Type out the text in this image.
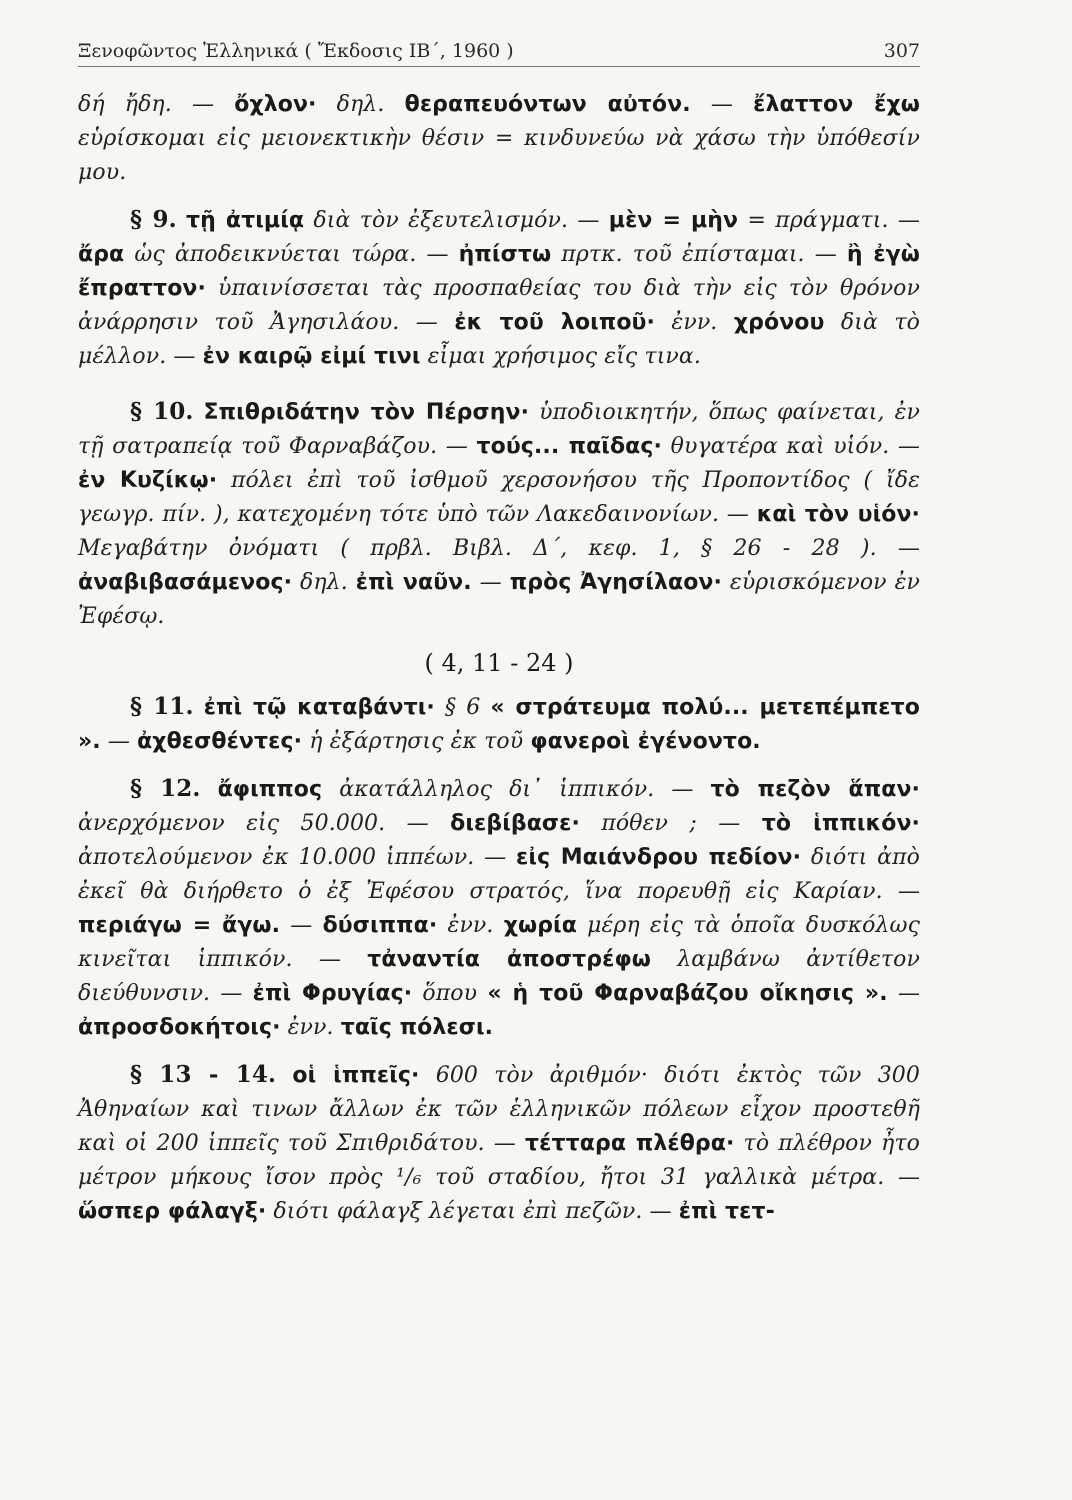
Ξενοφῶντος Ἑλληνικά ( Ἔκδοσις ΙΒ΄, 1960 )	307

δή ἤδη. — ὄχλον· δηλ. θεραπευόντων αὐτόν. — ἔλαττον ἔχω εὑρίσκομαι εἰς μειονεκτικὴν θέσιν = κινδυνεύω νὰ χάσω τὴν ὑπόθεσίν μου.

§ 9. τῇ ἀτιμίᾳ διὰ τὸν ἐξευτελισμόν. — μὲν = μὴν = πράγματι. — ἄρα ὡς ἀποδεικνύεται τώρα. — ἠπίστω πρτκ. τοῦ ἐπίσταμαι. — ἢ ἐγὼ ἔπραττον· ὑπαινίσσεται τὰς προσπαθείας του διὰ τὴν εἰς τὸν θρόνον ἀνάρρησιν τοῦ Ἀγησιλάου. — ἐκ τοῦ λοιποῦ· ἐνν. χρόνου διὰ τὸ μέλλον. — ἐν καιρῷ εἰμί τινι εἶμαι χρήσιμος εἴς τινα.

§ 10. Σπιθριδάτην τὸν Πέρσην· ὑποδιοικητήν, ὅπως φαίνεται, ἐν τῇ σατραπείᾳ τοῦ Φαρναβάζου. — τούς... παῖδας· θυγατέρα καὶ υἱόν. — ἐν Κυζίκῳ· πόλει ἐπὶ τοῦ ἰσθμοῦ χερσονήσου τῆς Προποντίδος ( ἴδε γεωγρ. πίν. ), κατεχομένη τότε ὑπὸ τῶν Λακεδαινονίων. — καὶ τὸν υἱόν· Μεγαβάτην ὀνόματι ( πρβλ. Βιβλ. Δ΄, κεφ. 1, § 26 - 28 ). — ἀναβιβασάμενος· δηλ. ἐπὶ ναῦν. — πρὸς Ἀγησίλαον· εὑρισκόμενον ἐν Ἐφέσῳ.

( 4, 11 - 24 )

§ 11. ἐπὶ τῷ καταβάντι· § 6 « στράτευμα πολύ... μετεπέμπετο ». — ἀχθεσθέντες· ἡ ἐξάρτησις ἐκ τοῦ φανεροὶ ἐγένοντο.

§ 12. ἄφιππος ἀκατάλληλος δι᾽ ἱππικόν. — τὸ πεζὸν ἅπαν· ἀνερχόμενον εἰς 50.000. — διεβίβασε· πόθεν ; — τὸ ἱππικόν· ἀποτελούμενον ἐκ 10.000 ἱππέων. — εἰς Μαιάνδρου πεδίον· διότι ἀπὸ ἐκεῖ θὰ διήρθετο ὁ ἐξ Ἐφέσου στρατός, ἵνα πορευθῇ εἰς Καρίαν. — περιάγω = ἄγω. — δύσιππα· ἐνν. χωρία μέρη εἰς τὰ ὁποῖα δυσκόλως κινεῖται ἱππικόν. — τἀναντία ἀποστρέφω λαμβάνω ἀντίθετον διεύθυνσιν. — ἐπὶ Φρυγίας· ὅπου « ἡ τοῦ Φαρναβάζου οἴκησις ». — ἀπροσδοκήτοις· ἐνν. ταῖς πόλεσι.

§ 13 - 14. οἱ ἱππεῖς· 600 τὸν ἀριθμόν· διότι ἐκτὸς τῶν 300 Ἀθηναίων καὶ τινων ἄλλων ἐκ τῶν ἑλληνικῶν πόλεων εἶχον προστεθῆ καὶ οἱ 200 ἱππεῖς τοῦ Σπιθριδάτου. — τέτταρα πλέθρα· τὸ πλέθρον ἦτο μέτρον μήκους ἴσον πρὸς ¹/₆ τοῦ σταδίου, ἤτοι 31 γαλλικὰ μέτρα. — ὥσπερ φάλαγξ· διότι φάλαγξ λέγεται ἐπὶ πεζῶν. — ἐπὶ τετ-
